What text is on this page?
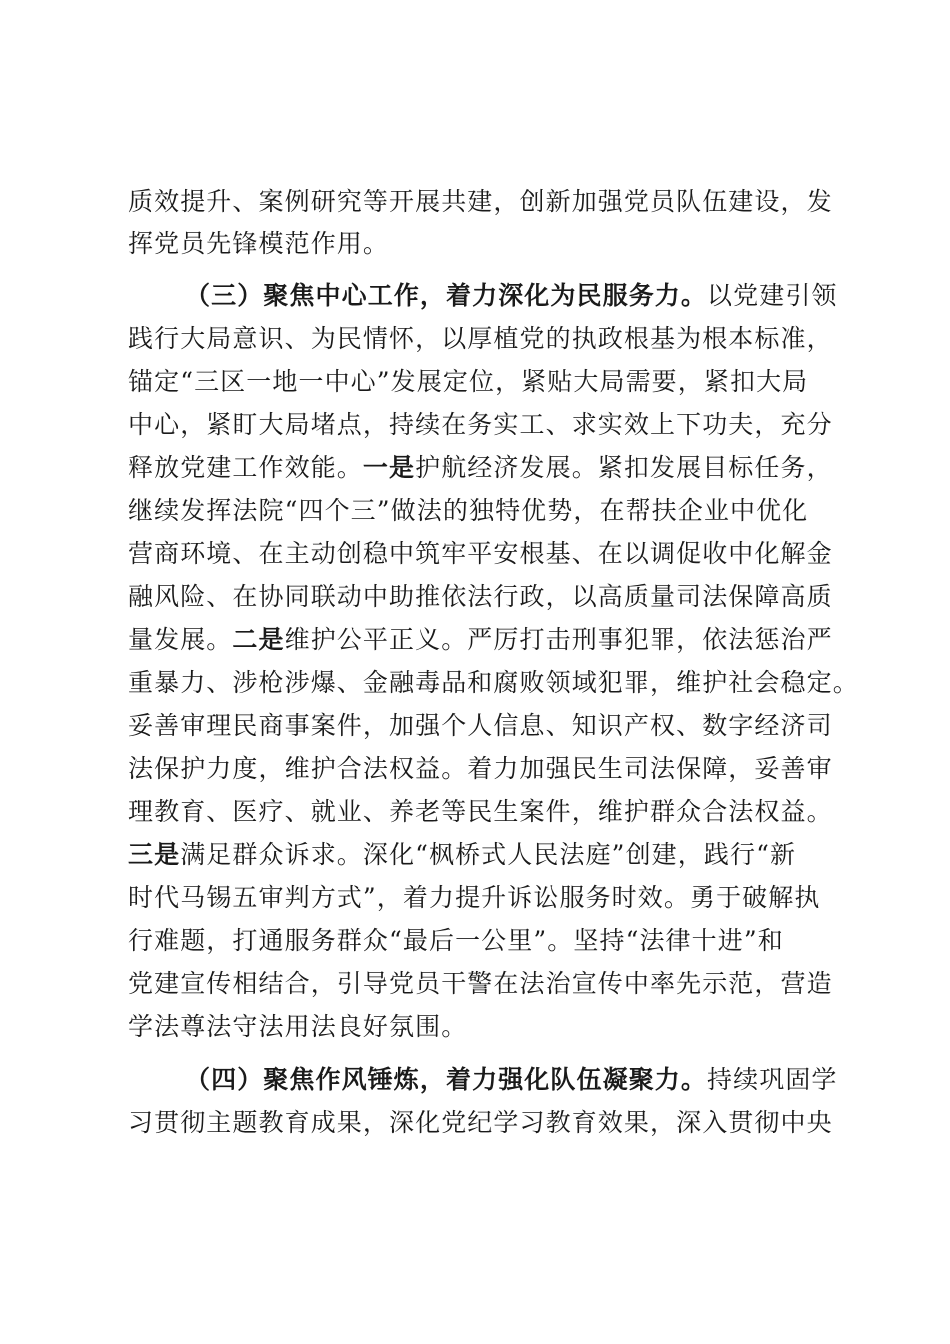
质效提升、案例研究等开展共建，创新加强党员队伍建设，发
挥党员先锋模范作用。
（三）聚焦中心工作，着力深化为民服务力。以党建引领
践行大局意识、为民情怀，以厚植党的执政根基为根本标准，
锚定“三区一地一中心”发展定位，紧贴大局需要，紧扣大局
中心，紧盯大局堵点，持续在务实工、求实效上下功夫，充分
释放党建工作效能。一是护航经济发展。紧扣发展目标任务，
继续发挥法院“四个三”做法的独特优势，在帮扶企业中优化
营商环境、在主动创稳中筑牢平安根基、在以调促收中化解金
融风险、在协同联动中助推依法行政，以高质量司法保障高质
量发展。二是维护公平正义。严厉打击刑事犯罪，依法惩治严
重暴力、涉枪涉爆、金融毒品和腐败领域犯罪，维护社会稳定。
妥善审理民商事案件，加强个人信息、知识产权、数字经济司
法保护力度，维护合法权益。着力加强民生司法保障，妥善审
理教育、医疗、就业、养老等民生案件，维护群众合法权益。
三是满足群众诉求。深化“枫桥式人民法庭”创建，践行“新
时代马锡五审判方式”，着力提升诉讼服务时效。勇于破解执
行难题，打通服务群众“最后一公里”。坚持“法律十进”和
党建宣传相结合，引导党员干警在法治宣传中率先示范，营造
学法尊法守法用法良好氛围。
（四）聚焦作风锤炼，着力强化队伍凝聚力。持续巩固学
习贯彻主题教育成果，深化党纪学习教育效果，深入贯彻中央
